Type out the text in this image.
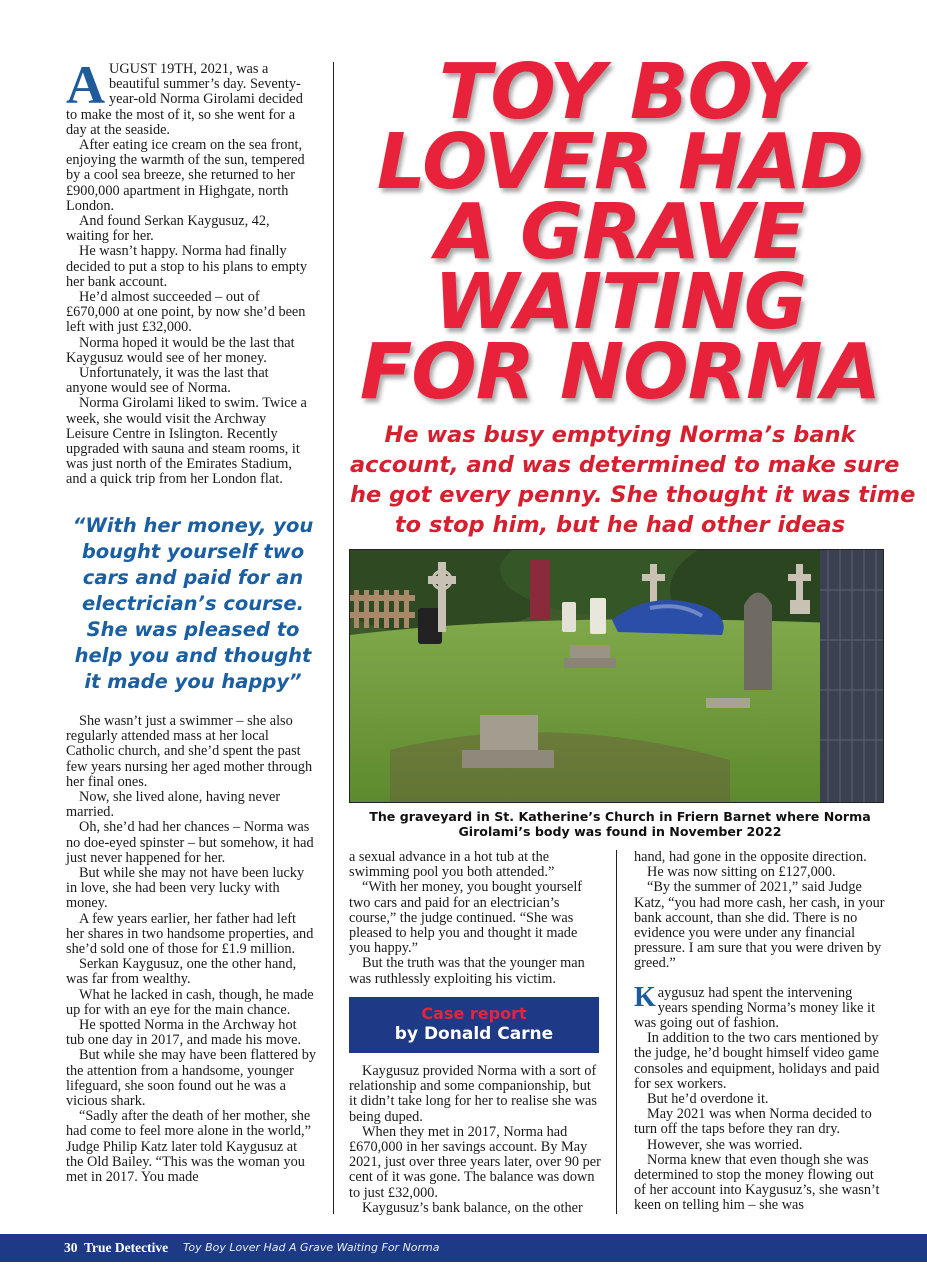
A UGUST 19TH, 2021, was a beautiful summer’s day. Seventy-year-old Norma Girolami decided to make the most of it, so she went for a day at the seaside.

After eating ice cream on the sea front, enjoying the warmth of the sun, tempered by a cool sea breeze, she returned to her £900,000 apartment in Highgate, north London.

And found Serkan Kaygusuz, 42, waiting for her.

He wasn’t happy. Norma had finally decided to put a stop to his plans to empty her bank account.

He’d almost succeeded – out of £670,000 at one point, by now she’d been left with just £32,000.

Norma hoped it would be the last that Kaygusuz would see of her money.

Unfortunately, it was the last that anyone would see of Norma.

Norma Girolami liked to swim. Twice a week, she would visit the Archway Leisure Centre in Islington. Recently upgraded with sauna and steam rooms, it was just north of the Emirates Stadium, and a quick trip from her London flat.

“With her money, you
bought yourself two
cars and paid for an
electrician’s course.
She was pleased to
help you and thought
it made you happy”

She wasn’t just a swimmer – she also regularly attended mass at her local Catholic church, and she’d spent the past few years nursing her aged mother through her final ones.

Now, she lived alone, having never married.

Oh, she’d had her chances – Norma was no doe-eyed spinster – but somehow, it had just never happened for her.

But while she may not have been lucky in love, she had been very lucky with money.

A few years earlier, her father had left her shares in two handsome properties, and she’d sold one of those for £1.9 million.

Serkan Kaygusuz, one the other hand, was far from wealthy.

What he lacked in cash, though, he made up for with an eye for the main chance.

He spotted Norma in the Archway hot tub one day in 2017, and made his move.

But while she may have been flattered by the attention from a handsome, younger lifeguard, she soon found out he was a vicious shark.

“Sadly after the death of her mother, she had come to feel more alone in the world,” Judge Philip Katz later told Kaygusuz at the Old Bailey. “This was the woman you met in 2017. You made

TOY BOY
LOVER HAD
A GRAVE
WAITING
FOR NORMA
He was busy emptying Norma’s bank
account, and was determined to make sure
he got every penny. She thought it was time
to stop him, but he had other ideas
The graveyard in St. Katherine’s Church in Friern Barnet where Norma
Girolami’s body was found in November 2022

a sexual advance in a hot tub at the swimming pool you both attended.”

“With her money, you bought yourself two cars and paid for an electrician’s course,” the judge continued. “She was pleased to help you and thought it made you happy.”

But the truth was that the younger man was ruthlessly exploiting his victim.

Case report
by Donald Carne

Kaygusuz provided Norma with a sort of relationship and some companionship, but it didn’t take long for her to realise she was being duped.

When they met in 2017, Norma had £670,000 in her savings account. By May 2021, just over three years later, over 90 per cent of it was gone. The balance was down to just £32,000.

Kaygusuz’s bank balance, on the other

hand, had gone in the opposite direction.

He was now sitting on £127,000.

“By the summer of 2021,” said Judge Katz, “you had more cash, her cash, in your bank account, than she did. There is no evidence you were under any financial pressure. I am sure that you were driven by greed.”

K aygusuz had spent the intervening years spending Norma’s money like it was going out of fashion.

In addition to the two cars mentioned by the judge, he’d bought himself video game consoles and equipment, holidays and paid for sex workers.

But he’d overdone it.

May 2021 was when Norma decided to turn off the taps before they ran dry.

However, she was worried.

Norma knew that even though she was determined to stop the money flowing out of her account into Kaygusuz’s, she wasn’t keen on telling him – she was

30 True Detective Toy Boy Lover Had A Grave Waiting For Norma
